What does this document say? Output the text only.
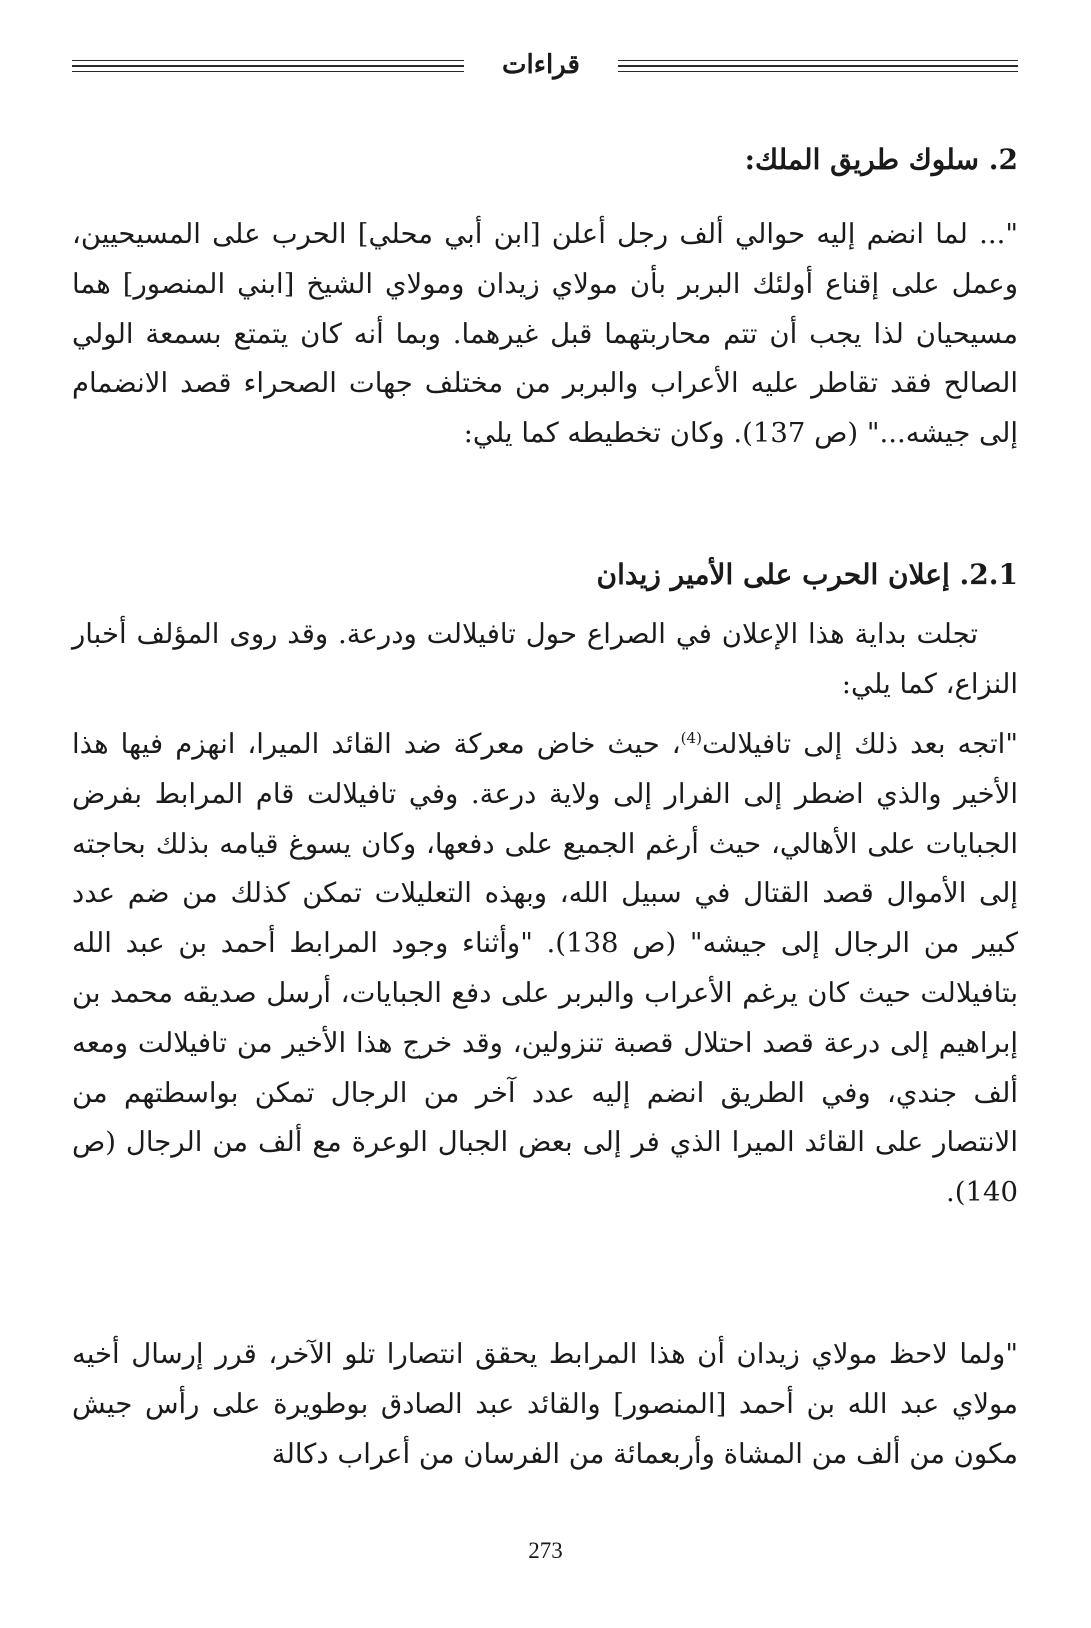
قراءات
2. سلوك طريق الملك:

"... لما انضم إليه حوالي ألف رجل أعلن [ابن أبي محلي] الحرب على المسيحيين، وعمل على إقناع أولئك البربر بأن مولاي زيدان ومولاي الشيخ [ابني المنصور] هما مسيحيان لذا يجب أن تتم محاربتهما قبل غيرهما. وبما أنه كان يتمتع بسمعة الولي الصالح فقد تقاطر عليه الأعراب والبربر من مختلف جهات الصحراء قصد الانضمام إلى جيشه..." (ص 137). وكان تخطيطه كما يلي:

2.1. إعلان الحرب على الأمير زيدان

تجلت بداية هذا الإعلان في الصراع حول تافيلالت ودرعة. وقد روى المؤلف أخبار النزاع، كما يلي:

"اتجه بعد ذلك إلى تافيلالت$^{(4)}$، حيث خاض معركة ضد القائد الميرا، انهزم فيها هذا الأخير والذي اضطر إلى الفرار إلى ولاية درعة. وفي تافيلالت قام المرابط بفرض الجبايات على الأهالي، حيث أرغم الجميع على دفعها، وكان يسوغ قيامه بذلك بحاجته إلى الأموال قصد القتال في سبيل الله، وبهذه التعليلات تمكن كذلك من ضم عدد كبير من الرجال إلى جيشه" (ص 138). "وأثناء وجود المرابط أحمد بن عبد الله بتافيلالت حيث كان يرغم الأعراب والبربر على دفع الجبايات، أرسل صديقه محمد بن إبراهيم إلى درعة قصد احتلال قصبة تنزولين، وقد خرج هذا الأخير من تافيلالت ومعه ألف جندي، وفي الطريق انضم إليه عدد آخر من الرجال تمكن بواسطتهم من الانتصار على القائد الميرا الذي فر إلى بعض الجبال الوعرة مع ألف من الرجال (ص 140).

"ولما لاحظ مولاي زيدان أن هذا المرابط يحقق انتصارا تلو الآخر، قرر إرسال أخيه مولاي عبد الله بن أحمد [المنصور] والقائد عبد الصادق بوطويرة على رأس جيش مكون من ألف من المشاة وأربعمائة من الفرسان من أعراب دكالة

273
